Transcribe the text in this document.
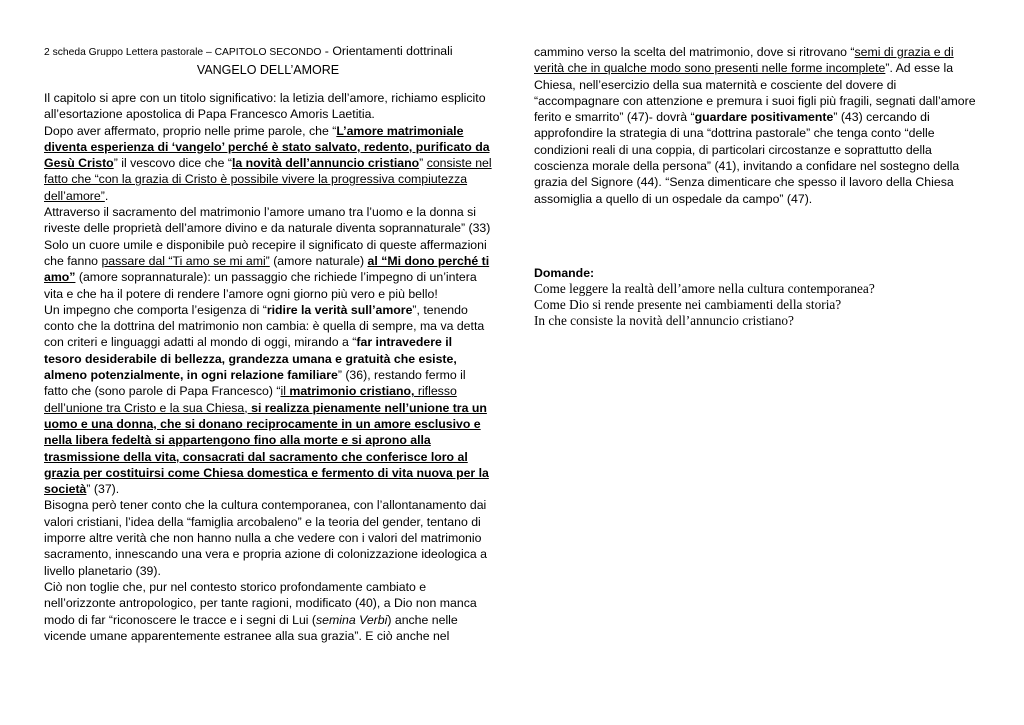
2 scheda Gruppo Lettera pastorale – CAPITOLO SECONDO - Orientamenti dottrinali
VANGELO DELL’AMORE

Il capitolo si apre con un titolo significativo: la letizia dell’amore, richiamo esplicito all’esortazione apostolica di Papa Francesco Amoris Laetitia.

Dopo aver affermato, proprio nelle prime parole, che “L’amore matrimoniale diventa esperienza di ‘vangelo’ perché è stato salvato, redento, purificato da Gesù Cristo” il vescovo dice che “la novità dell’annuncio cristiano” consiste nel fatto che “con la grazia di Cristo è possibile vivere la progressiva compiutezza dell’amore”.

Attraverso il sacramento del matrimonio l’amore umano tra l’uomo e la donna si riveste delle proprietà dell’amore divino e da naturale diventa soprannaturale” (33)

Solo un cuore umile e disponibile può recepire il significato di queste affermazioni che fanno passare dal “Ti amo se mi ami” (amore naturale) al “Mi dono perché ti amo” (amore soprannaturale): un passaggio che richiede l’impegno di un’intera vita e che ha il potere di rendere l’amore ogni giorno più vero e più bello!

Un impegno che comporta l’esigenza di “ridire la verità sull’amore”, tenendo conto che la dottrina del matrimonio non cambia: è quella di sempre, ma va detta con criteri e linguaggi adatti al mondo di oggi, mirando a “far intravedere il tesoro desiderabile di bellezza, grandezza umana e gratuità che esiste, almeno potenzialmente, in ogni relazione familiare” (36), restando fermo il fatto che (sono parole di Papa Francesco) “il matrimonio cristiano, riflesso dell’unione tra Cristo e la sua Chiesa, si realizza pienamente nell’unione tra un uomo e una donna, che si donano reciprocamente in un amore esclusivo e nella libera fedeltà si appartengono fino alla morte e si aprono alla trasmissione della vita, consacrati dal sacramento che conferisce loro al grazia per costituirsi come Chiesa domestica e fermento di vita nuova per la società” (37).

Bisogna però tener conto che la cultura contemporanea, con l’allontanamento dai valori cristiani, l’idea della “famiglia arcobaleno” e la teoria del gender, tentano di imporre altre verità che non hanno nulla a che vedere con i valori del matrimonio sacramento, innescando una vera e propria azione di colonizzazione ideologica a livello planetario (39).

Ciò non toglie che, pur nel contesto storico profondamente cambiato e nell’orizzonte antropologico, per tante ragioni, modificato (40), a Dio non manca modo di far “riconoscere le tracce e i segni di Lui (semina Verbi) anche nelle vicende umane apparentemente estranee alla sua grazia”. E ciò anche nel

cammino verso la scelta del matrimonio, dove si ritrovano “semi di grazia e di verità che in qualche modo sono presenti nelle forme incomplete”. Ad esse la Chiesa, nell’esercizio della sua maternità e cosciente del dovere di “accompagnare con attenzione e premura i suoi figli più fragili, segnati dall’amore ferito e smarrito” (47)- dovrà “guardare positivamente” (43) cercando di approfondire la strategia di una “dottrina pastorale” che tenga conto “delle condizioni reali di una coppia, di particolari circostanze e soprattutto della coscienza morale della persona” (41), invitando a confidare nel sostegno della grazia del Signore (44). “Senza dimenticare che spesso il lavoro della Chiesa assomiglia a quello di un ospedale da campo” (47).

Domande:
Come leggere la realtà dell’amore nella cultura contemporanea?
Come Dio si rende presente nei cambiamenti della storia?
In che consiste la novità dell’annuncio cristiano?
